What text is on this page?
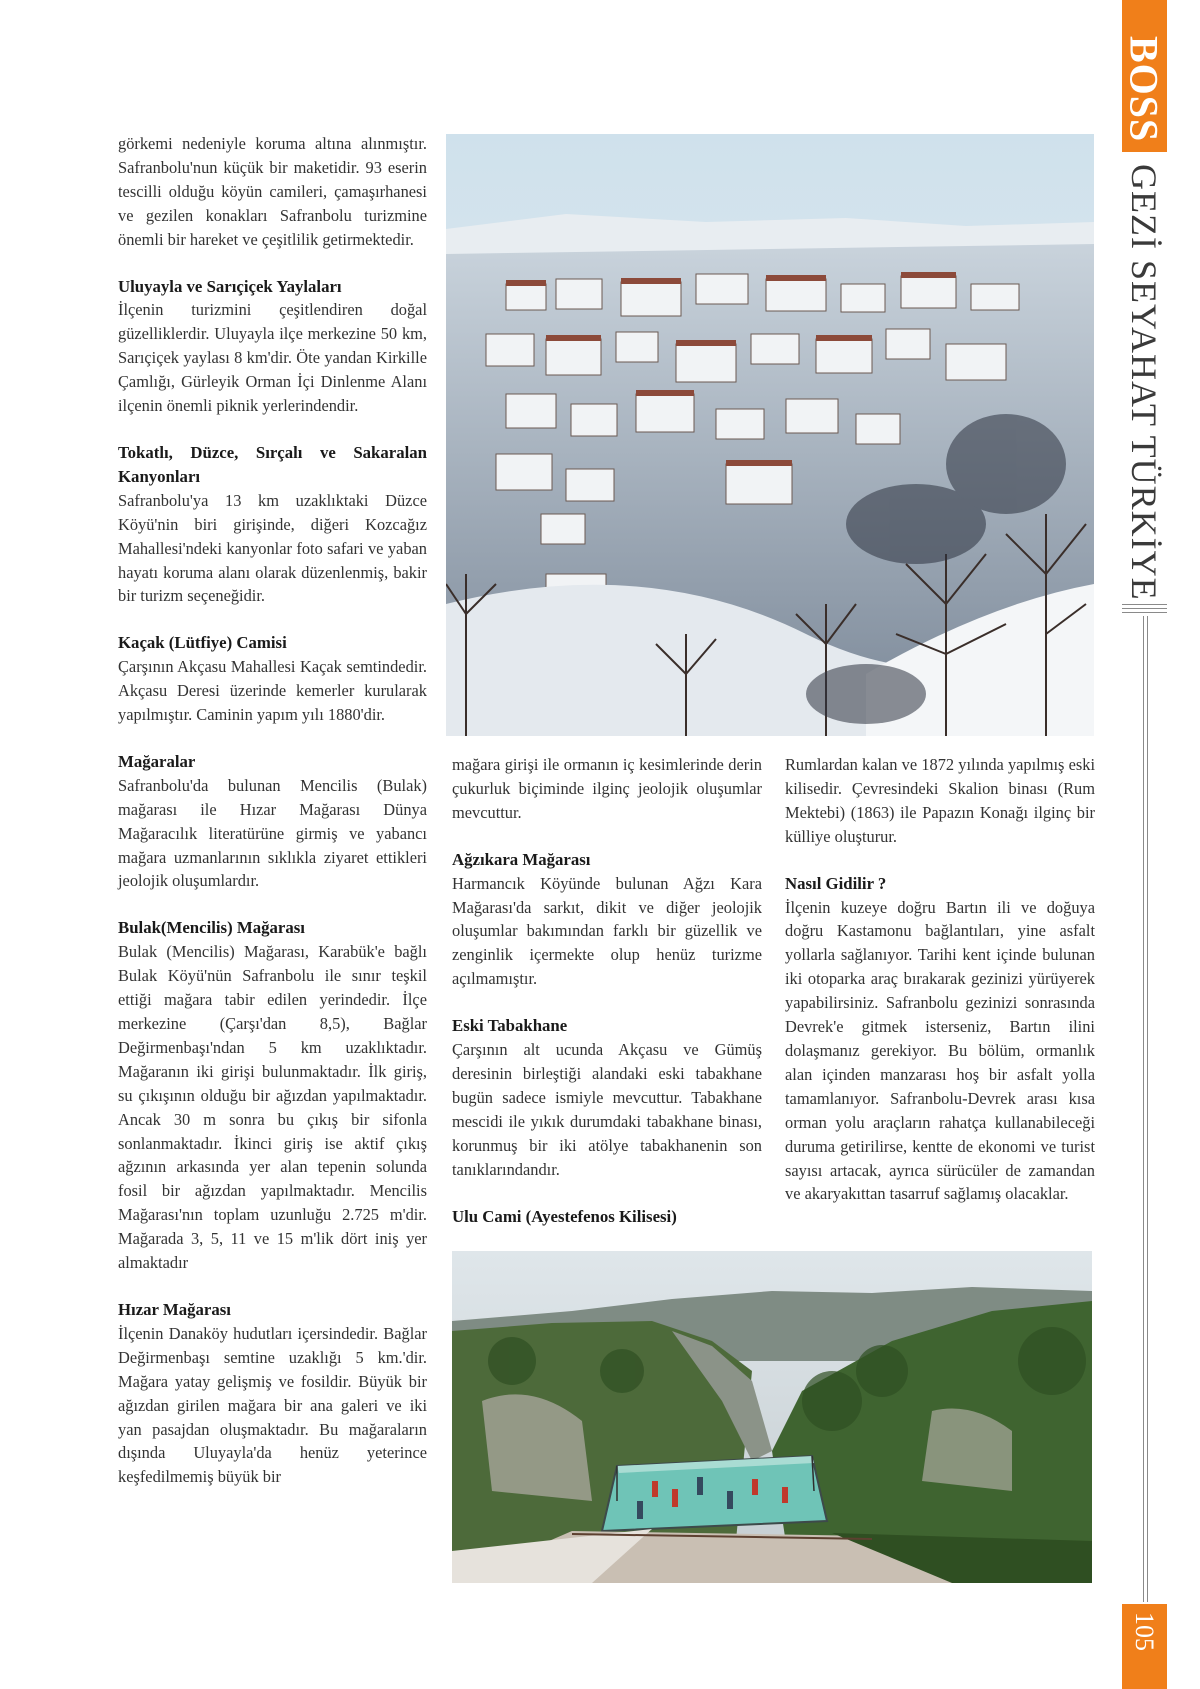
BOSS
GEZİ SEYAHAT TÜRKİYE
105

görkemi nedeniyle koruma altına alınmıştır. Safranbolu'nun küçük bir maketidir. 93 eserin tescilli olduğu köyün camileri, çamaşırhanesi ve gezilen konakları Safranbolu turizmine önemli bir hareket ve çeşitlilik getirmektedir.

Uluyayla ve Sarıçiçek Yaylaları

İlçenin turizmini çeşitlendiren doğal güzelliklerdir. Uluyayla ilçe merkezine 50 km, Sarıçiçek yaylası 8 km'dir. Öte yandan Kirkille Çamlığı, Gürleyik Orman İçi Dinlenme Alanı ilçenin önemli piknik yerlerindendir.

Tokatlı, Düzce, Sırçalı ve Sakaralan Kanyonları

Safranbolu'ya 13 km uzaklıktaki Düzce Köyü'nin biri girişinde, diğeri Kozcağız Mahallesi'ndeki kanyonlar foto safari ve yaban hayatı koruma alanı olarak düzenlenmiş, bakir bir turizm seçeneğidir.

Kaçak (Lütfiye) Camisi

Çarşının Akçasu Mahallesi Kaçak semtindedir. Akçasu Deresi üzerinde kemerler kurularak yapılmıştır. Caminin yapım yılı 1880'dir.

Mağaralar

Safranbolu'da bulunan Mencilis (Bulak) mağarası ile Hızar Mağarası Dünya Mağaracılık literatürüne girmiş ve yabancı mağara uzmanlarının sıklıkla ziyaret ettikleri jeolojik oluşumlardır.

Bulak(Mencilis) Mağarası

Bulak (Mencilis) Mağarası, Karabük'e bağlı Bulak Köyü'nün Safranbolu ile sınır teşkil ettiği mağara tabir edilen yerindedir. İlçe merkezine (Çarşı'dan 8,5), Bağlar Değirmenbaşı'ndan 5 km uzaklıktadır. Mağaranın iki girişi bulunmaktadır. İlk giriş, su çıkışının olduğu bir ağızdan yapılmaktadır. Ancak 30 m sonra bu çıkış bir sifonla sonlanmaktadır. İkinci giriş ise aktif çıkış ağzının arkasında yer alan tepenin solunda fosil bir ağızdan yapılmaktadır. Mencilis Mağarası'nın toplam uzunluğu 2.725 m'dir. Mağarada 3, 5, 11 ve 15 m'lik dört iniş yer almaktadır

Hızar Mağarası

İlçenin Danaköy hudutları içersindedir. Bağlar Değirmenbaşı semtine uzaklığı 5 km.'dir. Mağara yatay gelişmiş ve fosildir. Büyük bir ağızdan girilen mağara bir ana galeri ve iki yan pasajdan oluşmaktadır. Bu mağaraların dışında Uluyayla'da henüz yeterince keşfedilmemiş büyük bir

mağara girişi ile ormanın iç kesimlerinde derin çukurluk biçiminde ilginç jeolojik oluşumlar mevcuttur.

Ağzıkara Mağarası

Harmancık Köyünde bulunan Ağzı Kara Mağarası'da sarkıt, dikit ve diğer jeolojik oluşumlar bakımından farklı bir güzellik ve zenginlik içermekte olup henüz turizme açılmamıştır.

Eski Tabakhane

Çarşının alt ucunda Akçasu ve Gümüş deresinin birleştiği alandaki eski tabakhane bugün sadece ismiyle mevcuttur. Tabakhane mescidi ile yıkık durumdaki tabakhane binası, korunmuş bir iki atölye tabakhanenin son tanıklarındandır.

Ulu Cami (Ayestefenos Kilisesi)

Rumlardan kalan ve 1872 yılında yapılmış eski kilisedir. Çevresindeki Skalion binası (Rum Mektebi) (1863) ile Papazın Konağı ilginç bir külliye oluşturur.

Nasıl Gidilir ?

İlçenin kuzeye doğru Bartın ili ve doğuya doğru Kastamonu bağlantıları, yine asfalt yollarla sağlanıyor. Tarihi kent içinde bulunan iki otoparka araç bırakarak gezinizi yürüyerek yapabilirsiniz. Safranbolu gezinizi sonrasında Devrek'e gitmek isterseniz, Bartın ilini dolaşmanız gerekiyor. Bu bölüm, ormanlık alan içinden manzarası hoş bir asfalt yolla tamamlanıyor. Safranbolu-Devrek arası kısa orman yolu araçların rahatça kullanabileceği duruma getirilirse, kentte de ekonomi ve turist sayısı artacak, ayrıca sürücüler de zamandan ve akaryakıttan tasarruf sağlamış olacaklar.
